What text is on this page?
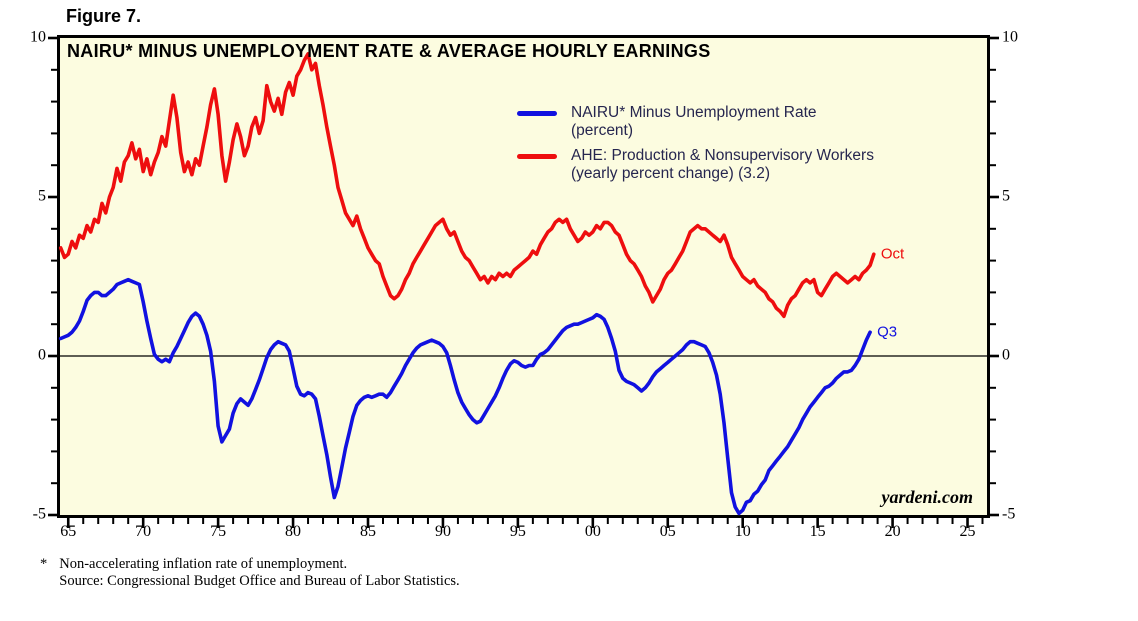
Figure 7.
NAIRU* MINUS UNEMPLOYMENT RATE & AVERAGE HOURLY EARNINGS
NAIRU* Minus Unemployment Rate
(percent)
AHE: Production & Nonsupervisory Workers
(yearly percent change) (3.2)
10
5
0
-5
10
5
0
-5
65	70	75	80	85	90	95	00	05	10	15	20	25
Q3
Oct
yardeni.com
* Non-accelerating inflation rate of unemployment.
Source: Congressional Budget Office and Bureau of Labor Statistics.
